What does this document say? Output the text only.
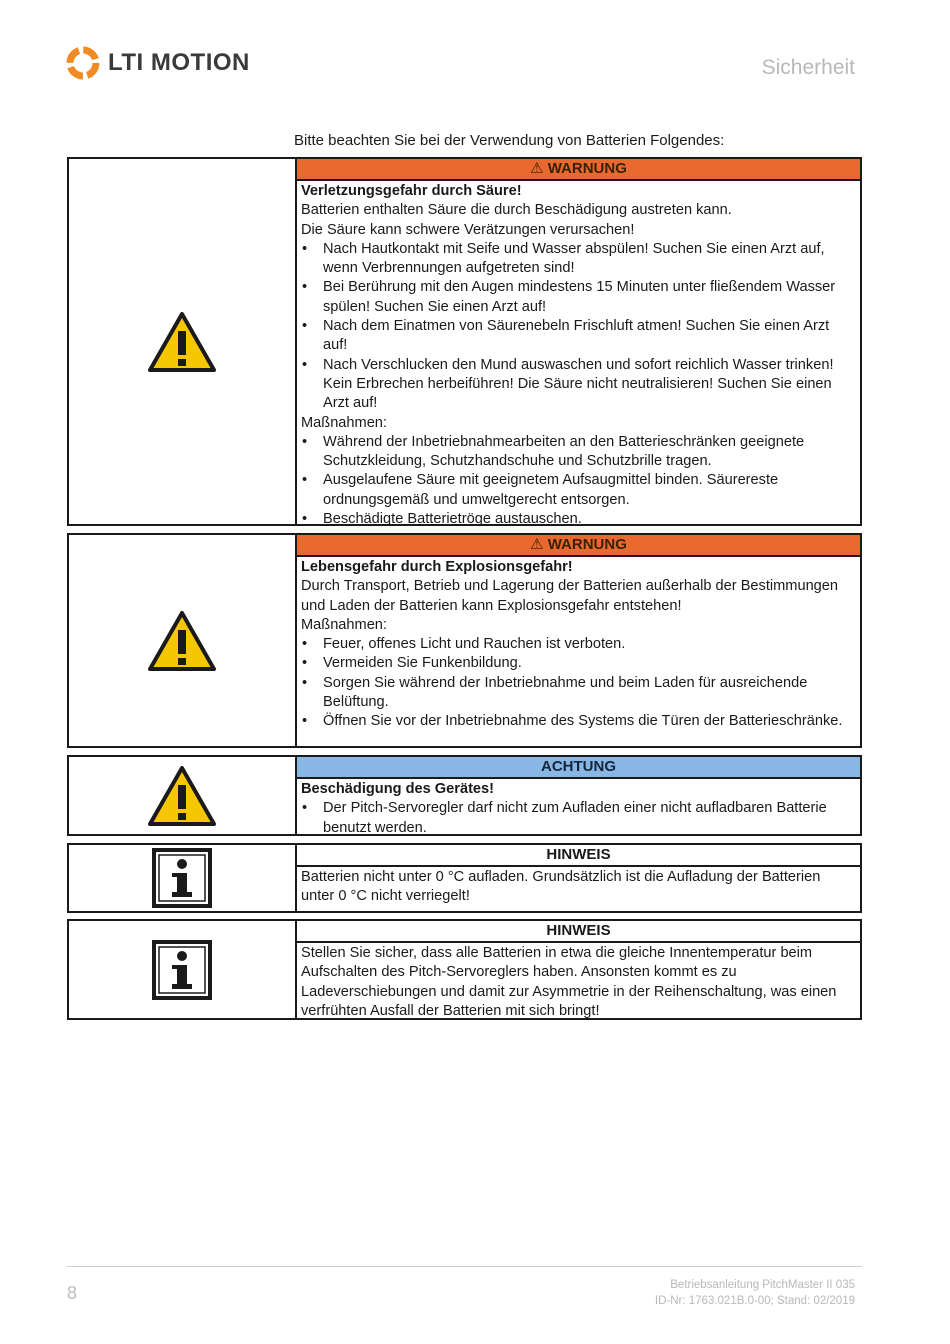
LTI MOTION	Sicherheit
Bitte beachten Sie bei der Verwendung von Batterien Folgendes:
⚠ WARNUNG
Verletzungsgefahr durch Säure!
Batterien enthalten Säure die durch Beschädigung austreten kann.
Die Säure kann schwere Verätzungen verursachen!
• Nach Hautkontakt mit Seife und Wasser abspülen! Suchen Sie einen Arzt auf, wenn Verbrennungen aufgetreten sind!
• Bei Berührung mit den Augen mindestens 15 Minuten unter fließendem Wasser spülen! Suchen Sie einen Arzt auf!
• Nach dem Einatmen von Säurenebeln Frischluft atmen! Suchen Sie einen Arzt auf!
• Nach Verschlucken den Mund auswaschen und sofort reichlich Wasser trinken! Kein Erbrechen herbeiführen! Die Säure nicht neutralisieren! Suchen Sie einen Arzt auf!
Maßnahmen:
• Während der Inbetriebnahmearbeiten an den Batterieschränken geeignete Schutzkleidung, Schutzhandschuhe und Schutzbrille tragen.
• Ausgelaufene Säure mit geeignetem Aufsaugmittel binden. Säurereste ordnungsgemäß und umweltgerecht entsorgen.
• Beschädigte Batterietröge austauschen.
⚠ WARNUNG
Lebensgefahr durch Explosionsgefahr!
Durch Transport, Betrieb und Lagerung der Batterien außerhalb der Bestimmungen und Laden der Batterien kann Explosionsgefahr entstehen!
Maßnahmen:
• Feuer, offenes Licht und Rauchen ist verboten.
• Vermeiden Sie Funkenbildung.
• Sorgen Sie während der Inbetriebnahme und beim Laden für ausreichende Belüftung.
• Öffnen Sie vor der Inbetriebnahme des Systems die Türen der Batterieschränke.
ACHTUNG
Beschädigung des Gerätes!
• Der Pitch-Servoregler darf nicht zum Aufladen einer nicht aufladbaren Batterie benutzt werden.
HINWEIS
Batterien nicht unter 0 °C aufladen. Grundsätzlich ist die Aufladung der Batterien unter 0 °C nicht verriegelt!
HINWEIS
Stellen Sie sicher, dass alle Batterien in etwa die gleiche Innentemperatur beim Aufschalten des Pitch-Servoreglers haben. Ansonsten kommt es zu Ladeverschiebungen und damit zur Asymmetrie in der Reihenschaltung, was einen verfrühten Ausfall der Batterien mit sich bringt!
8	Betriebsanleitung PitchMaster II 035
ID-Nr: 1763.021B.0-00; Stand: 02/2019
